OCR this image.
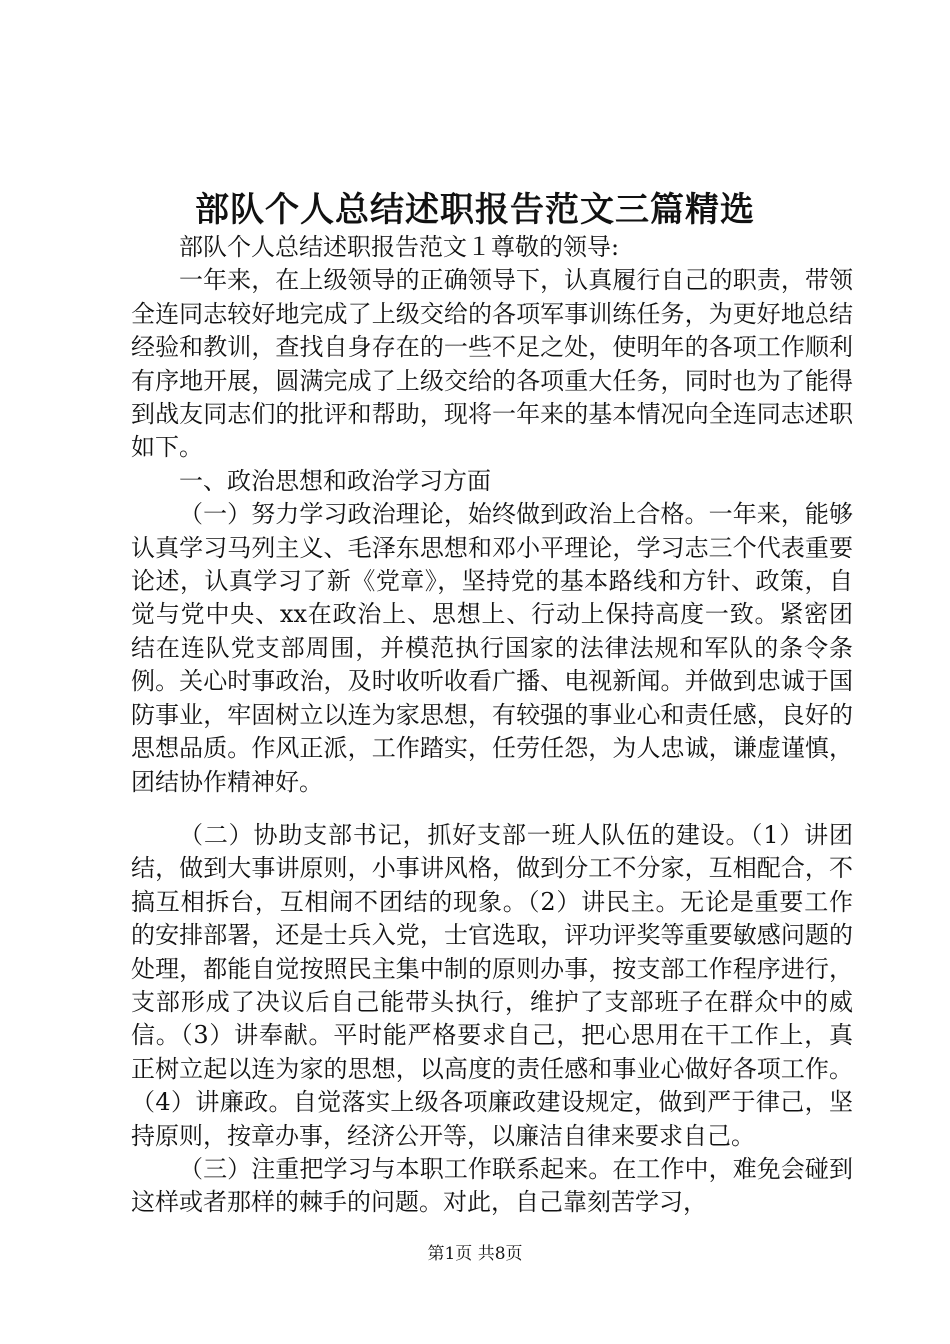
部队个人总结述职报告范文三篇精选

部队个人总结述职报告范文１尊敬的领导:

一年来，在上级领导的正确领导下，认真履行自己的职责，带领全连同志较好地完成了上级交给的各项军事训练任务，为更好地总结经验和教训，查找自身存在的一些不足之处，使明年的各项工作顺利有序地开展，圆满完成了上级交给的各项重大任务，同时也为了能得到战友同志们的批评和帮助，现将一年来的基本情况向全连同志述职如下。

一、政治思想和政治学习方面

（一）努力学习政治理论，始终做到政治上合格。一年来，能够认真学习马列主义、毛泽东思想和邓小平理论，学习志三个代表重要论述，认真学习了新《党章》，坚持党的基本路线和方针、政策，自觉与党中央、xx在政治上、思想上、行动上保持高度一致。紧密团结在连队党支部周围，并模范执行国家的法律法规和军队的条令条例。关心时事政治，及时收听收看广播、电视新闻。并做到忠诚于国防事业，牢固树立以连为家思想，有较强的事业心和责任感，良好的思想品质。作风正派，工作踏实，任劳任怨，为人忠诚，谦虚谨慎，团结协作精神好。

（二）协助支部书记，抓好支部一班人队伍的建设。（1）讲团结，做到大事讲原则，小事讲风格，做到分工不分家，互相配合，不搞互相拆台，互相闹不团结的现象。（2）讲民主。无论是重要工作的安排部署，还是士兵入党，士官选取，评功评奖等重要敏感问题的处理，都能自觉按照民主集中制的原则办事，按支部工作程序进行，支部形成了决议后自己能带头执行，维护了支部班子在群众中的威信。（3）讲奉献。平时能严格要求自己，把心思用在干工作上，真正树立起以连为家的思想，以高度的责任感和事业心做好各项工作。（4）讲廉政。自觉落实上级各项廉政建设规定，做到严于律己，坚持原则，按章办事，经济公开等，以廉洁自律来要求自己。

（三）注重把学习与本职工作联系起来。在工作中，难免会碰到这样或者那样的棘手的问题。对此，自己靠刻苦学习，

第1页 共8页
